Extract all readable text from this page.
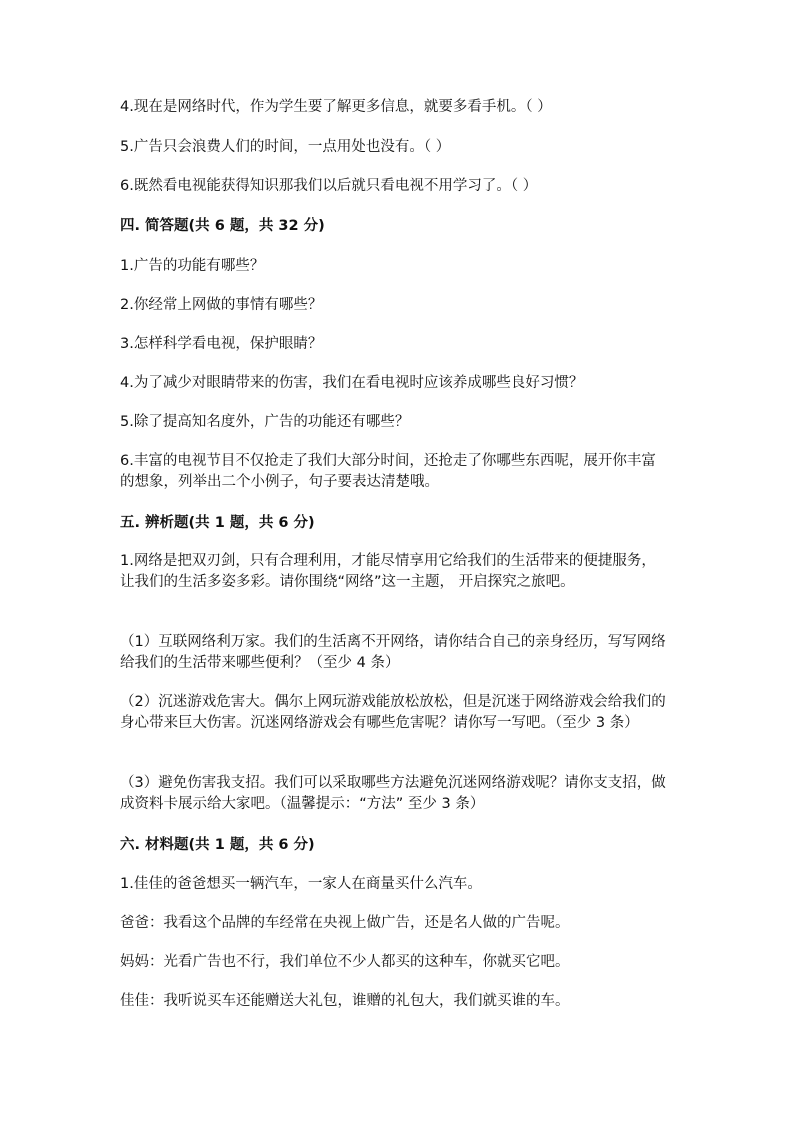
4.现在是网络时代，作为学生要了解更多信息，就要多看手机。（ ）
5.广告只会浪费人们的时间，一点用处也没有。（ ）
6.既然看电视能获得知识那我们以后就只看电视不用学习了。（ ）
四. 简答题(共 6 题，共 32 分)
1.广告的功能有哪些？
2.你经常上网做的事情有哪些？
3.怎样科学看电视，保护眼睛？
4.为了减少对眼睛带来的伤害，我们在看电视时应该养成哪些良好习惯？
5.除了提高知名度外，广告的功能还有哪些？
6.丰富的电视节目不仅抢走了我们大部分时间，还抢走了你哪些东西呢，展开你丰富的想象，列举出二个小例子，句子要表达清楚哦。
五. 辨析题(共 1 题，共 6 分)
1.网络是把双刃剑，只有合理利用，才能尽情享用它给我们的生活带来的便捷服务，让我们的生活多姿多彩。请你围绕“网络”这一主题， 开启探究之旅吧。
（1）互联网络利万家。我们的生活离不开网络，请你结合自己的亲身经历，写写网络给我们的生活带来哪些便利？（至少 4 条）
（2）沉迷游戏危害大。偶尔上网玩游戏能放松放松，但是沉迷于网络游戏会给我们的身心带来巨大伤害。沉迷网络游戏会有哪些危害呢？请你写一写吧。（至少 3 条）
（3）避免伤害我支招。我们可以采取哪些方法避免沉迷网络游戏呢？请你支支招，做成资料卡展示给大家吧。（温馨提示：“方法” 至少 3 条）
六. 材料题(共 1 题，共 6 分)
1.佳佳的爸爸想买一辆汽车，一家人在商量买什么汽车。
爸爸：我看这个品牌的车经常在央视上做广告，还是名人做的广告呢。
妈妈：光看广告也不行，我们单位不少人都买的这种车，你就买它吧。
佳佳：我听说买车还能赠送大礼包，谁赠的礼包大，我们就买谁的车。
